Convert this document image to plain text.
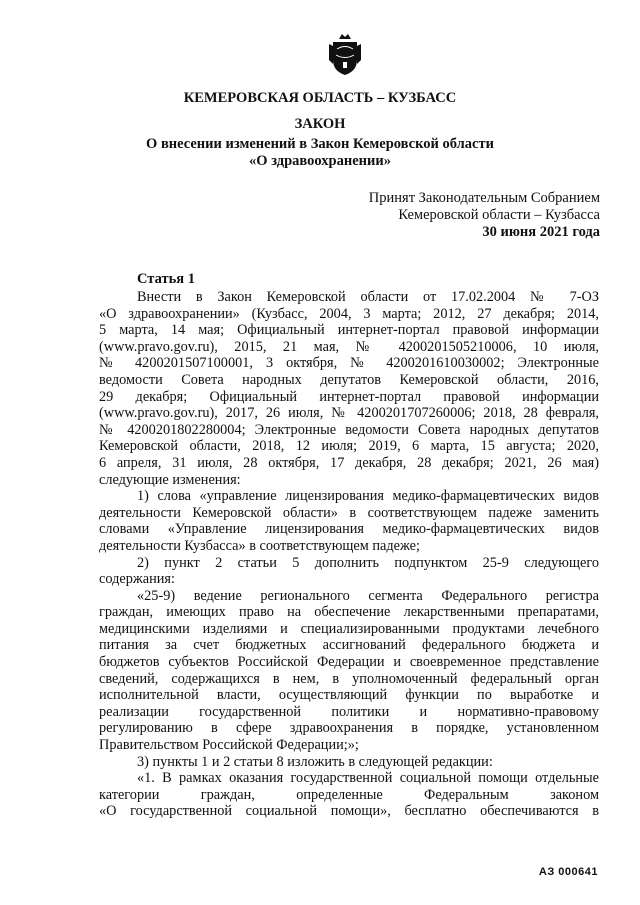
КЕМЕРОВСКАЯ ОБЛАСТЬ – КУЗБАСС
ЗАКОН
О внесении изменений в Закон Кемеровской области
«О здравоохранении»
Принят Законодательным Собранием
Кемеровской области – Кузбасса
30 июня 2021 года
Статья 1
Внести в Закон Кемеровской области от 17.02.2004 № 7-ОЗ
«О здравоохранении» (Кузбасс, 2004, 3 марта; 2012, 27 декабря; 2014,
5 марта, 14 мая; Официальный интернет-портал правовой информации
(www.pravo.gov.ru), 2015, 21 мая, № 4200201505210006, 10 июля,
№ 4200201507100001, 3 октября, № 4200201610030002; Электронные
ведомости Совета народных депутатов Кемеровской области, 2016,
29 декабря; Официальный интернет-портал правовой информации
(www.pravo.gov.ru), 2017, 26 июля, № 4200201707260006; 2018, 28 февраля,
№ 4200201802280004; Электронные ведомости Совета народных депутатов
Кемеровской области, 2018, 12 июля; 2019, 6 марта, 15 августа; 2020,
6 апреля, 31 июля, 28 октября, 17 декабря, 28 декабря; 2021, 26 мая)
следующие изменения:
1) слова «управление лицензирования медико-фармацевтических видов
деятельности Кемеровской области» в соответствующем падеже заменить
словами «Управление лицензирования медико-фармацевтических видов
деятельности Кузбасса» в соответствующем падеже;
2) пункт 2 статьи 5 дополнить подпунктом 25-9 следующего
содержания:
«25-9) ведение регионального сегмента Федерального регистра
граждан, имеющих право на обеспечение лекарственными препаратами,
медицинскими изделиями и специализированными продуктами лечебного
питания за счет бюджетных ассигнований федерального бюджета и
бюджетов субъектов Российской Федерации и своевременное представление
сведений, содержащихся в нем, в уполномоченный федеральный орган
исполнительной власти, осуществляющий функции по выработке и
реализации государственной политики и нормативно-правовому
регулированию в сфере здравоохранения в порядке, установленном
Правительством Российской Федерации;»;
3) пункты 1 и 2 статьи 8 изложить в следующей редакции:
«1. В рамках оказания государственной социальной помощи отдельные
категории граждан, определенные Федеральным законом
«О государственной социальной помощи», бесплатно обеспечиваются в
АЗ 000641
